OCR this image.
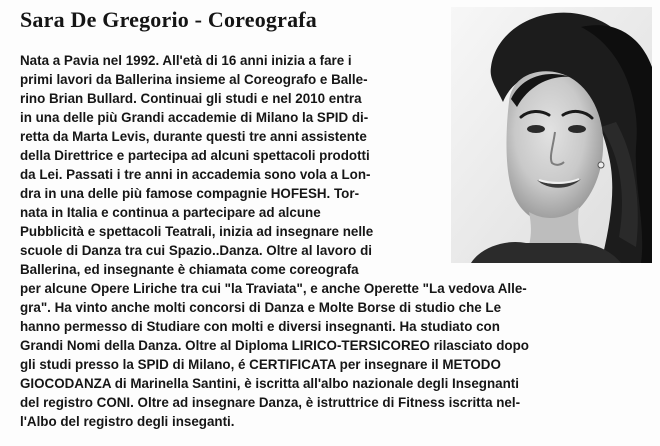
Sara De Gregorio - Coreografa

Nata a Pavia nel 1992. All'età di 16 anni inizia a fare i

primi lavori da Ballerina insieme al Coreografo e Balle-

rino Brian Bullard. Continuai gli studi e nel 2010 entra

in una delle più Grandi accademie di Milano la SPID di-

retta da Marta Levis, durante questi tre anni assistente

della Direttrice e partecipa ad alcuni spettacoli prodotti

da Lei. Passati i tre anni in accademia sono vola a Lon-

dra in una delle più famose compagnie HOFESH. Tor-

nata in Italia e continua a partecipare ad alcune

Pubblicità e spettacoli Teatrali, inizia ad insegnare nelle

scuole di Danza tra cui Spazio..Danza. Oltre al lavoro di

Ballerina, ed insegnante è chiamata come coreografa

per alcune Opere Liriche tra cui "la Traviata", e anche Operette "La vedova Alle-

gra". Ha vinto anche molti concorsi di Danza e Molte Borse di studio che Le

hanno permesso di Studiare con molti e diversi insegnanti. Ha studiato con

Grandi Nomi della Danza. Oltre al Diploma LIRICO-TERSICOREO rilasciato dopo

gli studi presso la SPID di Milano, é CERTIFICATA per insegnare il METODO

GIOCODANZA di Marinella Santini, è iscritta all'albo nazionale degli Insegnanti

del registro CONI. Oltre ad insegnare Danza, è istruttrice di Fitness iscritta nel-

l'Albo del registro degli inseganti.
